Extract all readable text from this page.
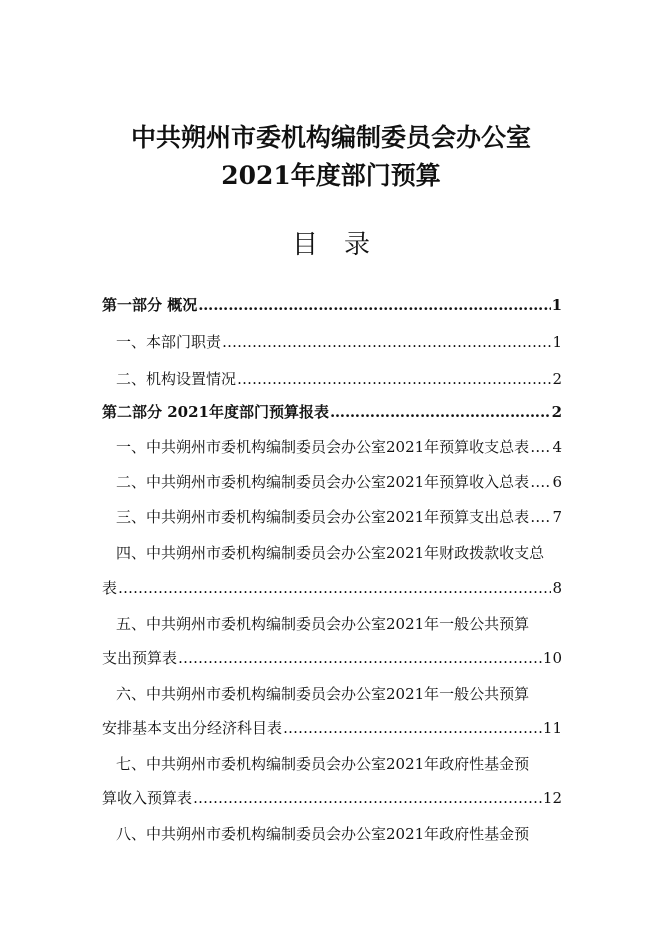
中共朔州市委机构编制委员会办公室
2021年度部门预算
目录
第一部分 概况 ……………………………………………………………………………………………………………………………………………………………………………………	1
一、本部门职责 ……………………………………………………………………………………………………………………………………………………………………………………	1
二、机构设置情况 ……………………………………………………………………………………………………………………………………………………………………………………	2
第二部分 2021年度部门预算报表 ……………………………………………………………………………………………………………………………………………………………………………………	2
一、中共朔州市委机构编制委员会办公室2021年预算收支总表 …………………………………………………………………………………………………………………………………………………………………………………… 4
二、中共朔州市委机构编制委员会办公室2021年预算收入总表 …………………………………………………………………………………………………………………………………………………………………………………… 6
三、中共朔州市委机构编制委员会办公室2021年预算支出总表 …………………………………………………………………………………………………………………………………………………………………………………… 7
四、中共朔州市委机构编制委员会办公室2021年财政拨款收支总
表 ……………………………………………………………………………………………………………………………………………………………………………………	8
五、中共朔州市委机构编制委员会办公室2021年一般公共预算
支出预算表 ……………………………………………………………………………………………………………………………………………………………………………………	10
六、中共朔州市委机构编制委员会办公室2021年一般公共预算
安排基本支出分经济科目表 ……………………………………………………………………………………………………………………………………………………………………………………	11
七、中共朔州市委机构编制委员会办公室2021年政府性基金预
算收入预算表 ……………………………………………………………………………………………………………………………………………………………………………………	12
八、中共朔州市委机构编制委员会办公室2021年政府性基金预
